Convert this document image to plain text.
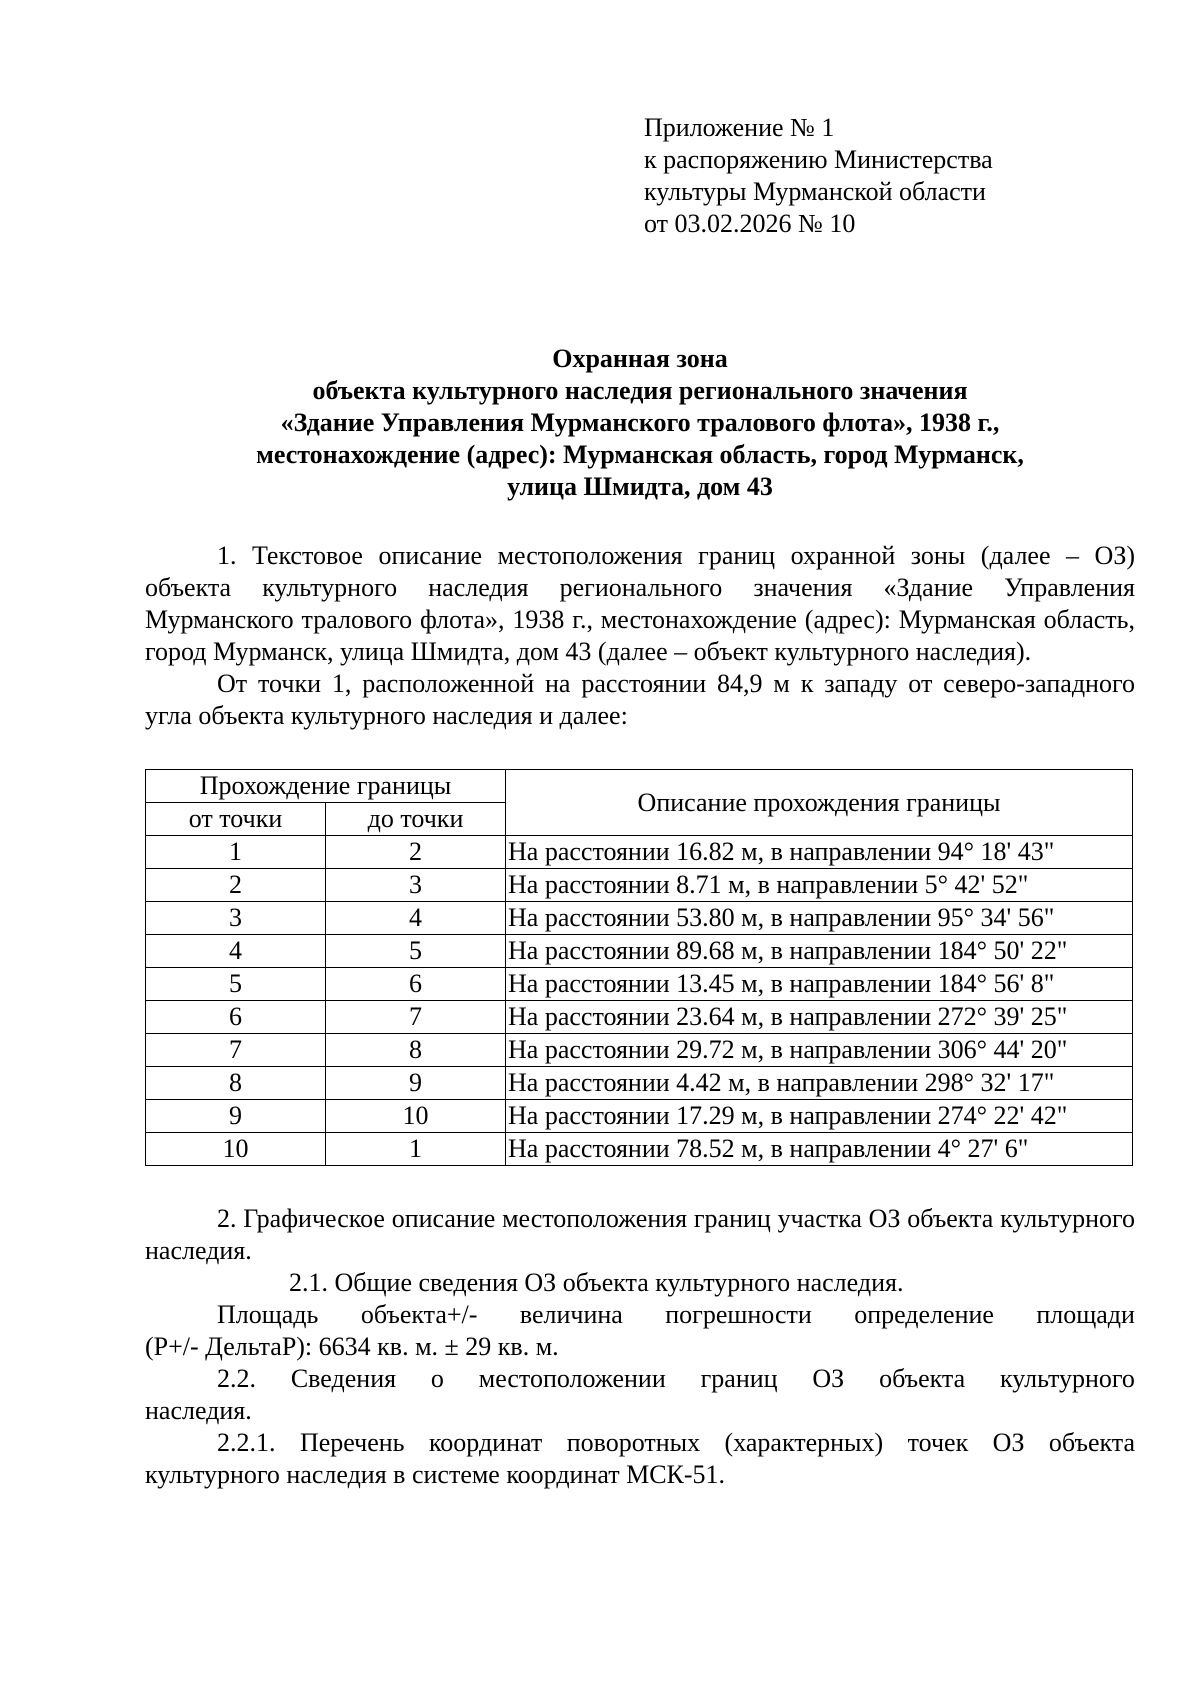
Приложение № 1
к распоряжению Министерства
культуры Мурманской области
от 03.02.2026 № 10
Охранная зона
объекта культурного наследия регионального значения
«Здание Управления Мурманского тралового флота», 1938 г.,
местонахождение (адрес): Мурманская область, город Мурманск,
улица Шмидта, дом 43

1. Текстовое описание местоположения границ охранной зоны (далее – ОЗ) объекта культурного наследия регионального значения «Здание Управления Мурманского тралового флота», 1938 г., местонахождение (адрес): Мурманская область, город Мурманск, улица Шмидта, дом 43 (далее – объект культурного наследия).

От точки 1, расположенной на расстоянии 84,9 м к западу от северо-западного угла объекта культурного наследия и далее:

Прохождение границы		Описание прохождения границы
от точки	до точки	
1	2	На расстоянии 16.82 м, в направлении 94° 18' 43"
2	3	На расстоянии 8.71 м, в направлении 5° 42' 52"
3	4	На расстоянии 53.80 м, в направлении 95° 34' 56"
4	5	На расстоянии 89.68 м, в направлении 184° 50' 22"
5	6	На расстоянии 13.45 м, в направлении 184° 56' 8"
6	7	На расстоянии 23.64 м, в направлении 272° 39' 25"
7	8	На расстоянии 29.72 м, в направлении 306° 44' 20"
8	9	На расстоянии 4.42 м, в направлении 298° 32' 17"
9	10	На расстоянии 17.29 м, в направлении 274° 22' 42"
10	1	На расстоянии 78.52 м, в направлении 4° 27' 6"

2. Графическое описание местоположения границ участка ОЗ объекта культурного наследия.

2.1. Общие сведения ОЗ объекта культурного наследия.

Площадь объекта+/- величина погрешности определение площади

(Р+/- ДельтаР): 6634 кв. м. ± 29 кв. м.

2.2. Сведения о местоположении границ ОЗ объекта культурного

наследия.

2.2.1. Перечень координат поворотных (характерных) точек ОЗ объекта культурного наследия в системе координат МСК-51.
